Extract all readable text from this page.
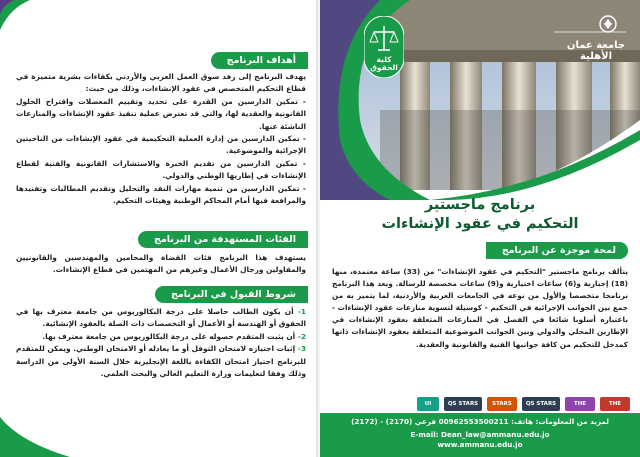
أهداف البرنامج

يهدف البرنامج إلى رفد سوق العمل العربي والأردني بكفاءات بشرية متميزة في قطاع التحكيم المتخصص في عقود الإنشاءات، وذلك من حيث:

- تمكين الدارسين من القدرة على تحديد وتقييم المعضلات واقتراح الحلول القانونية والعقدية لها، والتي قد تعترض عملية تنفيذ عقود الإنشاءات والمنازعات الناشئة عنها.
- تمكين الدارسين من إدارة العملية التحكيمية في عقود الإنشاءات من الناحيتين الإجرائية والموضوعية.
- تمكين الدارسين من تقديم الخبرة والاستشارات القانونية والفنية لقطاع الإنشاءات في إطاريها الوطني والدولي.
- تمكين الدارسين من تنمية مهارات النقد والتحليل وتقديم المطالبات وتفنيدها والمرافعة فيها أمام المحاكم الوطنية وهيئات التحكيم.
الفئات المستهدفة من البرنامج
يستهدف هذا البرنامج فئات القضاة والمحامين والمهندسين والقانونيين والمقاولين ورجال الأعمال وغيرهم من المهتمين في قطاع الإنشاءات.
شروط القبول في البرنامج
1- أن يكون الطالب حاصلا على درجة البكالوريوس من جامعة معترف بها في الحقوق أو الهندسة أو الأعمال أو التخصصات ذات الصلة بالعقود الإنشائية.
2- أن يثبت المتقدم حصوله على درجة البكالوريوس من جامعة معترف بها.
3- إثبات اجتيازه لامتحان التوفل أو ما يعادله أو الامتحان الوطني. ويمكن للمتقدم للبرنامج اجتياز امتحان الكفاءة باللغة الإنجليزية خلال السنة الأولى من الدراسة وذلك وفقا لتعليمات وزارة التعليم العالي والبحث العلمي.
جامعة عمان الأهلية
كلية الحقوق
برنامج ماجستير
التحكيم في عقود الإنشاءات
لمحة موجزة عن البرنامج
يتألف برنامج ماجستير "التحكيم في عقود الإنشاءات" من (33) ساعة معتمدة، منها (18) إجبارية و(6) ساعات اختيارية و(9) ساعات مخصصة للرسالة. ويعد هذا البرنامج برنامجا متخصصا والأول من نوعه في الجامعات العربية والأردنية، لما يتميز به من جمع بين الجوانب الإجرائية في التحكيم - كوسيلة لتسوية منازعات عقود الإنشاءات - باعتباره أسلوبا شائعا في الفصل في المنازعات المتعلقة بعقود الإنشاءات في الإطارين المحلي والدولي وبين الجوانب الموضوعية المتعلقة بعقود الإنشاءات ذاتها كمدخل للتحكيم من كافة جوانبها الفنية والقانونية والعقدية.
THE
THE
QS STARS
STARS
QS STARS
UI
لمزيد من المعلومات: هاتف: 00962553500211 فرعي (2170) - (2172)
E-mail: Dean_law@ammanu.edu.jo
www.ammanu.edu.jo
